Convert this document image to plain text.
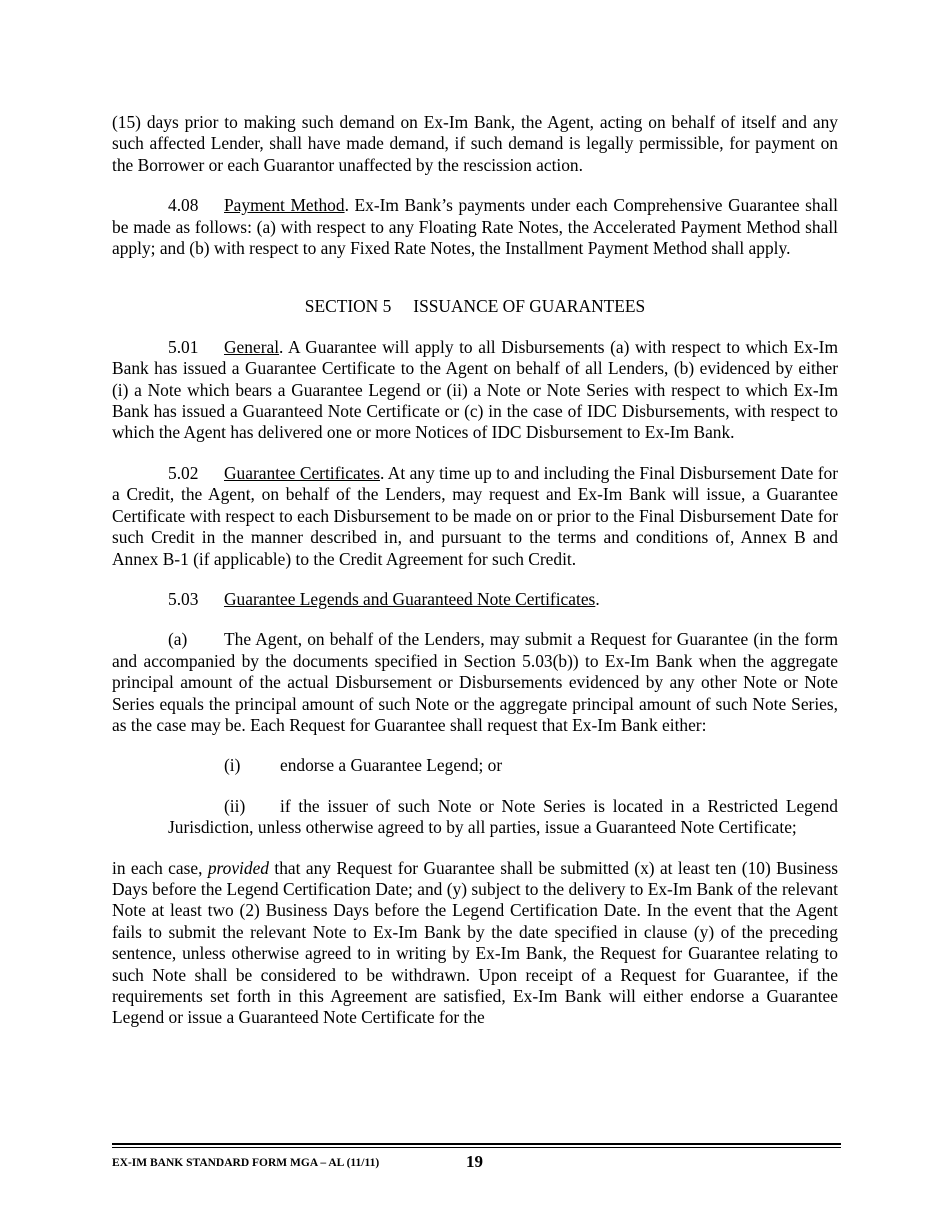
(15) days prior to making such demand on Ex-Im Bank, the Agent, acting on behalf of itself and any such affected Lender, shall have made demand, if such demand is legally permissible, for payment on the Borrower or each Guarantor unaffected by the rescission action.

4.08 Payment Method. Ex-Im Bank’s payments under each Comprehensive Guarantee shall be made as follows: (a) with respect to any Floating Rate Notes, the Accelerated Payment Method shall apply; and (b) with respect to any Fixed Rate Notes, the Installment Payment Method shall apply.

SECTION 5 ISSUANCE OF GUARANTEES

5.01 General. A Guarantee will apply to all Disbursements (a) with respect to which Ex-Im Bank has issued a Guarantee Certificate to the Agent on behalf of all Lenders, (b) evidenced by either (i) a Note which bears a Guarantee Legend or (ii) a Note or Note Series with respect to which Ex-Im Bank has issued a Guaranteed Note Certificate or (c) in the case of IDC Disbursements, with respect to which the Agent has delivered one or more Notices of IDC Disbursement to Ex-Im Bank.

5.02 Guarantee Certificates. At any time up to and including the Final Disbursement Date for a Credit, the Agent, on behalf of the Lenders, may request and Ex-Im Bank will issue, a Guarantee Certificate with respect to each Disbursement to be made on or prior to the Final Disbursement Date for such Credit in the manner described in, and pursuant to the terms and conditions of, Annex B and Annex B-1 (if applicable) to the Credit Agreement for such Credit.

5.03 Guarantee Legends and Guaranteed Note Certificates.

(a) The Agent, on behalf of the Lenders, may submit a Request for Guarantee (in the form and accompanied by the documents specified in Section 5.03(b)) to Ex-Im Bank when the aggregate principal amount of the actual Disbursement or Disbursements evidenced by any other Note or Note Series equals the principal amount of such Note or the aggregate principal amount of such Note Series, as the case may be. Each Request for Guarantee shall request that Ex-Im Bank either:

(i) endorse a Guarantee Legend; or

(ii) if the issuer of such Note or Note Series is located in a Restricted Legend Jurisdiction, unless otherwise agreed to by all parties, issue a Guaranteed Note Certificate;

in each case, provided that any Request for Guarantee shall be submitted (x) at least ten (10) Business Days before the Legend Certification Date; and (y) subject to the delivery to Ex-Im Bank of the relevant Note at least two (2) Business Days before the Legend Certification Date. In the event that the Agent fails to submit the relevant Note to Ex-Im Bank by the date specified in clause (y) of the preceding sentence, unless otherwise agreed to in writing by Ex-Im Bank, the Request for Guarantee relating to such Note shall be considered to be withdrawn. Upon receipt of a Request for Guarantee, if the requirements set forth in this Agreement are satisfied, Ex-Im Bank will either endorse a Guarantee Legend or issue a Guaranteed Note Certificate for the

EX-IM BANK STANDARD FORM MGA – AL (11/11)	19
